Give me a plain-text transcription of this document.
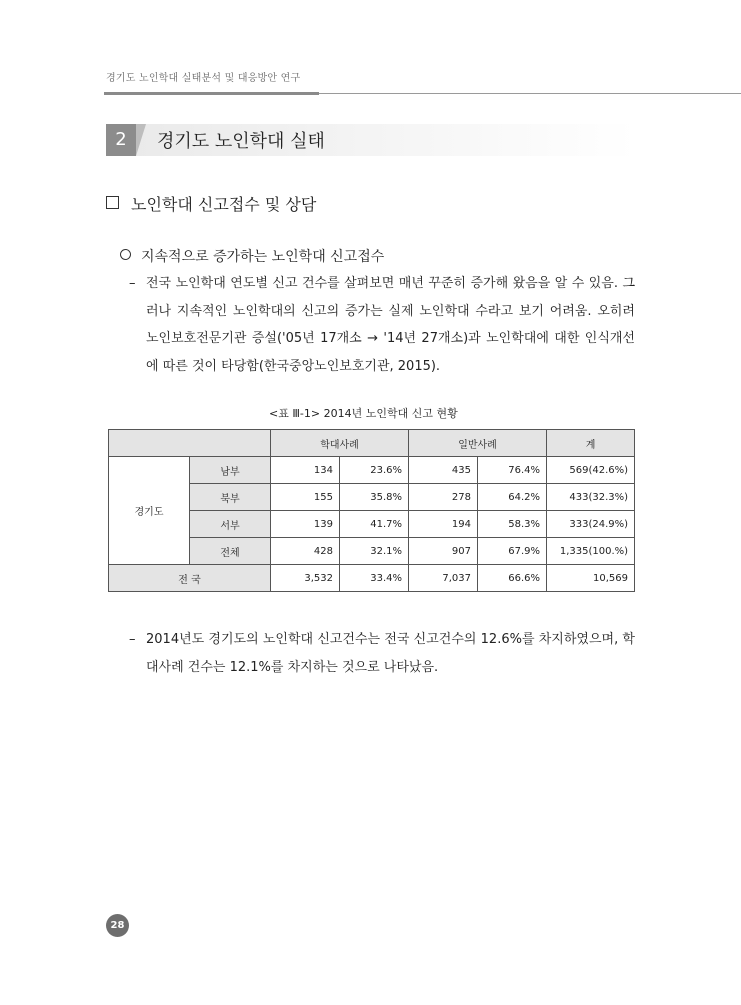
경기도 노인학대 실태분석 및 대응방안 연구
2	경기도 노인학대 실태
노인학대 신고접수 및 상담
지속적으로 증가하는 노인학대 신고접수
– 전국 노인학대 연도별 신고 건수를 살펴보면 매년 꾸준히 증가해 왔음을 알 수 있음. 그러나 지속적인 노인학대의 신고의 증가는 실제 노인학대 수라고 보기 어려움. 오히려 노인보호전문기관 증설('05년 17개소 → '14년 27개소)과 노인학대에 대한 인식개선에 따른 것이 타당함(한국중앙노인보호기관, 2015).
<표 Ⅲ-1> 2014년 노인학대 신고 현황
		학대사례		일반사례		계
경기도	남부	134	23.6%	435	76.4%	569(42.6%)
	북부	155	35.8%	278	64.2%	433(32.3%)
	서부	139	41.7%	194	58.3%	333(24.9%)
	전체	428	32.1%	907	67.9%	1,335(100.%)
전 국		3,532	33.4%	7,037	66.6%	10,569
– 2014년도 경기도의 노인학대 신고건수는 전국 신고건수의 12.6%를 차지하였으며, 학대사례 건수는 12.1%를 차지하는 것으로 나타났음.
28
